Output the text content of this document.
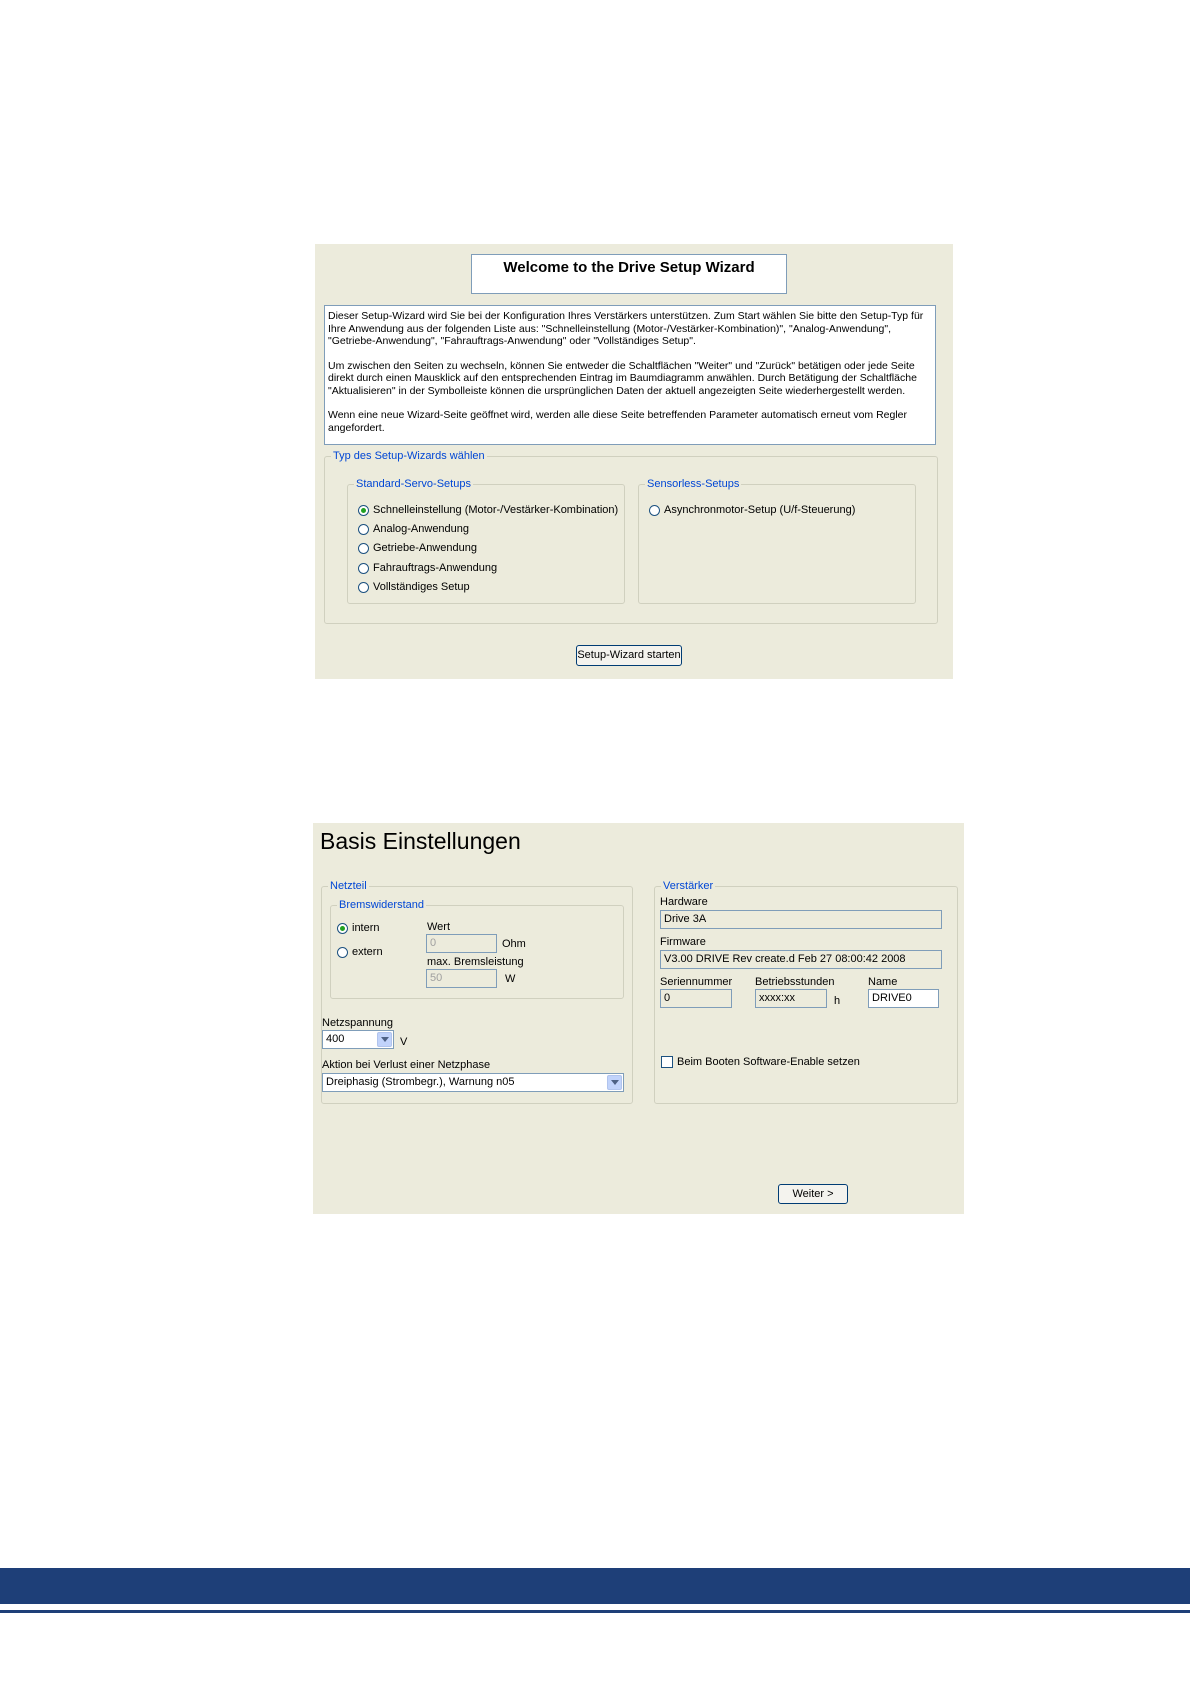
Welcome to the Drive Setup Wizard

Dieser Setup-Wizard wird Sie bei der Konfiguration Ihres Verstärkers unterstützen. Zum Start wählen Sie bitte den Setup-Typ für Ihre Anwendung aus der folgenden Liste aus: "Schnelleinstellung (Motor-/Vestärker-Kombination)", "Analog-Anwendung", "Getriebe-Anwendung", "Fahrauftrags-Anwendung" oder "Vollständiges Setup".

Um zwischen den Seiten zu wechseln, können Sie entweder die Schaltflächen "Weiter" und "Zurück" betätigen oder jede Seite direkt durch einen Mausklick auf den entsprechenden Eintrag im Baumdiagramm anwählen. Durch Betätigung der Schaltfläche "Aktualisieren" in der Symbolleiste können die ursprünglichen Daten der aktuell angezeigten Seite wiederhergestellt werden.

Wenn eine neue Wizard-Seite geöffnet wird, werden alle diese Seite betreffenden Parameter automatisch erneut vom Regler angefordert.

Typ des Setup-Wizards wählen
Standard-Servo-Setups
Schnelleinstellung (Motor-/Vestärker-Kombination)
Analog-Anwendung
Getriebe-Anwendung
Fahrauftrags-Anwendung
Vollständiges Setup
Sensorless-Setups
Asynchronmotor-Setup (U/f-Steuerung)
Setup-Wizard starten
Basis Einstellungen
Netzteil
Bremswiderstand
intern
extern
Wert
0	Ohm
max. Bremsleistung
50	W
Netzspannung
400	V
Aktion bei Verlust einer Netzphase
Dreiphasig (Strombegr.), Warnung n05
Verstärker
Hardware
Drive 3A
Firmware
V3.00 DRIVE Rev create.d Feb 27 08:00:42 2008
Seriennummer
0
Betriebsstunden
xxxx:xx	h
Name
DRIVE0
Beim Booten Software-Enable setzen
Weiter >
